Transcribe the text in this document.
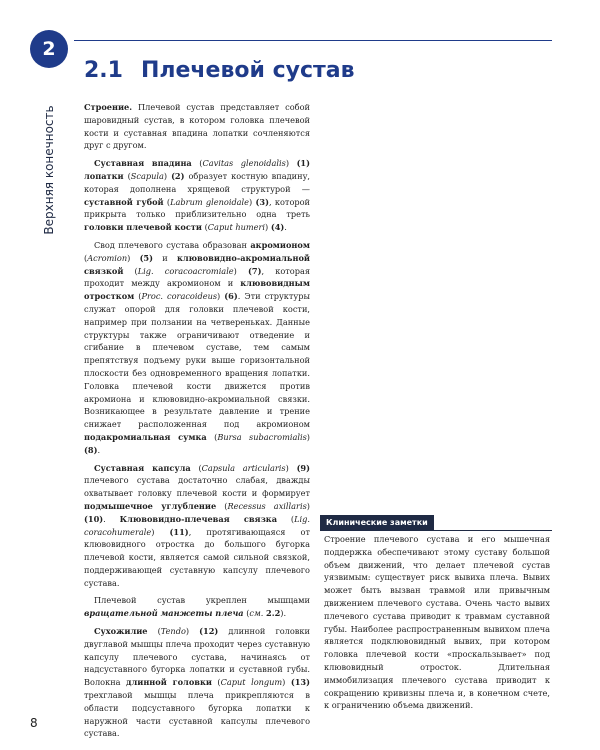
2
Верхняя конечность
2.1 Плечевой сустав

Строение. Плечевой сустав представляет собой шаровидный сустав, в котором головка плечевой кости и суставная впадина лопатки сочленяются друг с другом.

Суставная впадина (Cavitas glenoidalis) (1) лопатки (Scapula) (2) образует костную впадину, которая дополнена хрящевой структурой — суставной губой (Labrum glenoidale) (3), которой прикрыта только приблизительно одна треть головки плечевой кости (Caput humeri) (4).

Свод плечевого сустава образован акромионом (Acromion) (5) и клювовидно-акромиальной связкой (Lig. coracoacromiale) (7), которая проходит между акромионом и клювовидным отростком (Proc. coracoideus) (6). Эти структуры служат опорой для головки плечевой кости, например при ползании на четвереньках. Данные структуры также ограничивают отведение и сгибание в плечевом суставе, тем самым препятствуя подъему руки выше горизонтальной плоскости без одновременного вращения лопатки. Головка плечевой кости движется против акромиона и клювовидно-акромиальной связки. Возникающее в результате давление и трение снижает расположенная под акромионом подакромиальная сумка (Bursa subacromialis) (8).

Суставная капсула (Capsula articularis) (9) плечевого сустава достаточно слабая, дважды охватывает головку плечевой кости и формирует подмышечное углубление (Recessus axillaris) (10). Клювовидно-плечевая связка (Lig. coracohumerale) (11), протягивающаяся от клювовидного отростка до большого бугорка плечевой кости, является самой сильной связкой, поддерживающей суставную капсулу плечевого сустава.

Плечевой сустав укреплен мышцами вращательной манжеты плеча (см. 2.2).

Сухожилие (Tendo) (12) длинной головки двуглавой мышцы плеча проходит через суставную капсулу плечевого сустава, начинаясь от надсуставного бугорка лопатки и суставной губы. Волокна длинной головки (Caput longum) (13) трехглавой мышцы плеча прикрепляются в области подсуставного бугорка лопатки к наружной части суставной капсулы плечевого сустава.

Клинические заметки
Строение плечевого сустава и его мышечная поддержка обеспечивают этому суставу большой объем движений, что делает плечевой сустав уязвимым: существует риск вывиха плеча. Вывих может быть вызван травмой или привычным движением плечевого сустава. Очень часто вывих плечевого сустава приводит к травмам суставной губы. Наиболее распространенным вывихом плеча является подклювовидный вывих, при котором головка плечевой кости «проскальзывает» под клювовидный отросток. Длительная иммобилизация плечевого сустава приводит к сокращению кривизны плеча и, в конечном счете, к ограничению объема движений.
8
